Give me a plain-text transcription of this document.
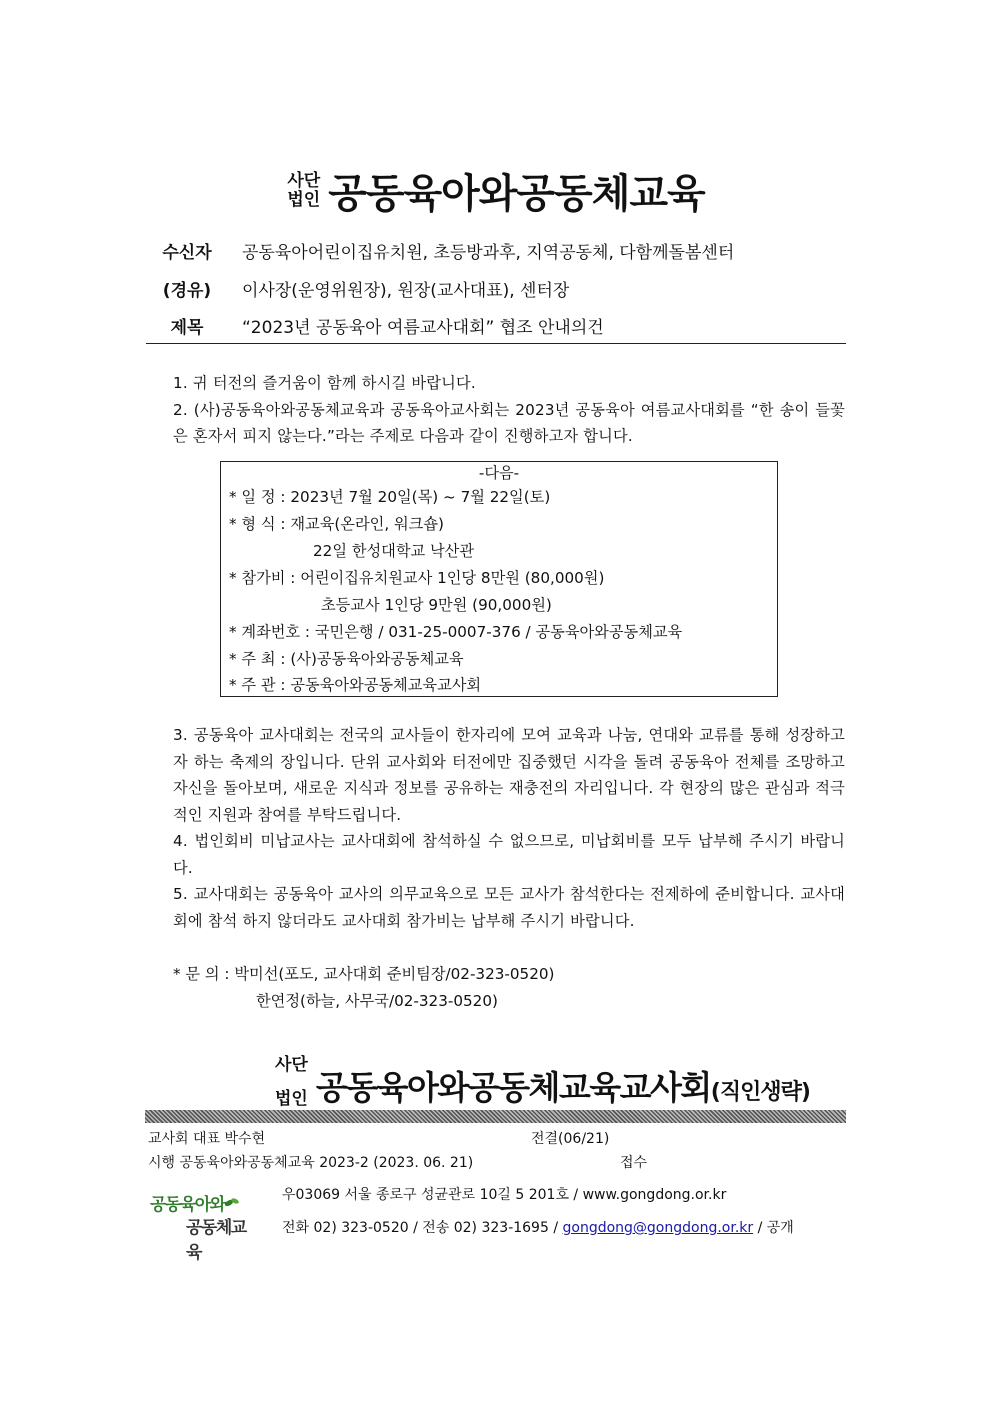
사단
법인 공동육아와공동체교육
수신자	공동육아어린이집유치원, 초등방과후, 지역공동체, 다함께돌봄센터
(경유)	이사장(운영위원장), 원장(교사대표), 센터장
제목	“2023년 공동육아 여름교사대회” 협조 안내의건

1. 귀 터전의 즐거움이 함께 하시길 바랍니다.

2. (사)공동육아와공동체교육과 공동육아교사회는 2023년 공동육아 여름교사대회를 “한 송이 들꽃은 혼자서 피지 않는다.”라는 주제로 다음과 같이 진행하고자 합니다.

-다음-
* 일 정 : 2023년 7월 20일(목) ~ 7월 22일(토)
* 형 식 : 재교육(온라인, 워크숍)
22일 한성대학교 낙산관
* 참가비 : 어린이집유치원교사 1인당 8만원 (80,000원)
초등교사 1인당 9만원 (90,000원)
* 계좌번호 : 국민은행 / 031-25-0007-376 / 공동육아와공동체교육
* 주 최 : (사)공동육아와공동체교육
* 주 관 : 공동육아와공동체교육교사회

3. 공동육아 교사대회는 전국의 교사들이 한자리에 모여 교육과 나눔, 연대와 교류를 통해 성장하고자 하는 축제의 장입니다. 단위 교사회와 터전에만 집중했던 시각을 돌려 공동육아 전체를 조망하고 자신을 돌아보며, 새로운 지식과 정보를 공유하는 재충전의 자리입니다. 각 현장의 많은 관심과 적극적인 지원과 참여를 부탁드립니다.

4. 법인회비 미납교사는 교사대회에 참석하실 수 없으므로, 미납회비를 모두 납부해 주시기 바랍니다.

5. 교사대회는 공동육아 교사의 의무교육으로 모든 교사가 참석한다는 전제하에 준비합니다. 교사대회에 참석 하지 않더라도 교사대회 참가비는 납부해 주시기 바랍니다.

* 문 의 : 박미선(포도, 교사대회 준비팀장/02-323-0520)
한연정(하늘, 사무국/02-323-0520)
사단
법인 공동육아와공동체교육교사회(직인생략)
교사회 대표 박수현	전결(06/21)
시행 공동육아와공동체교육 2023-2 (2023. 06. 21)	접수
공동육아와
공동체교육
우03069 서울 종로구 성균관로 10길 5 201호 / www.gongdong.or.kr
전화 02) 323-0520 / 전송 02) 323-1695 / gongdong@gongdong.or.kr / 공개
